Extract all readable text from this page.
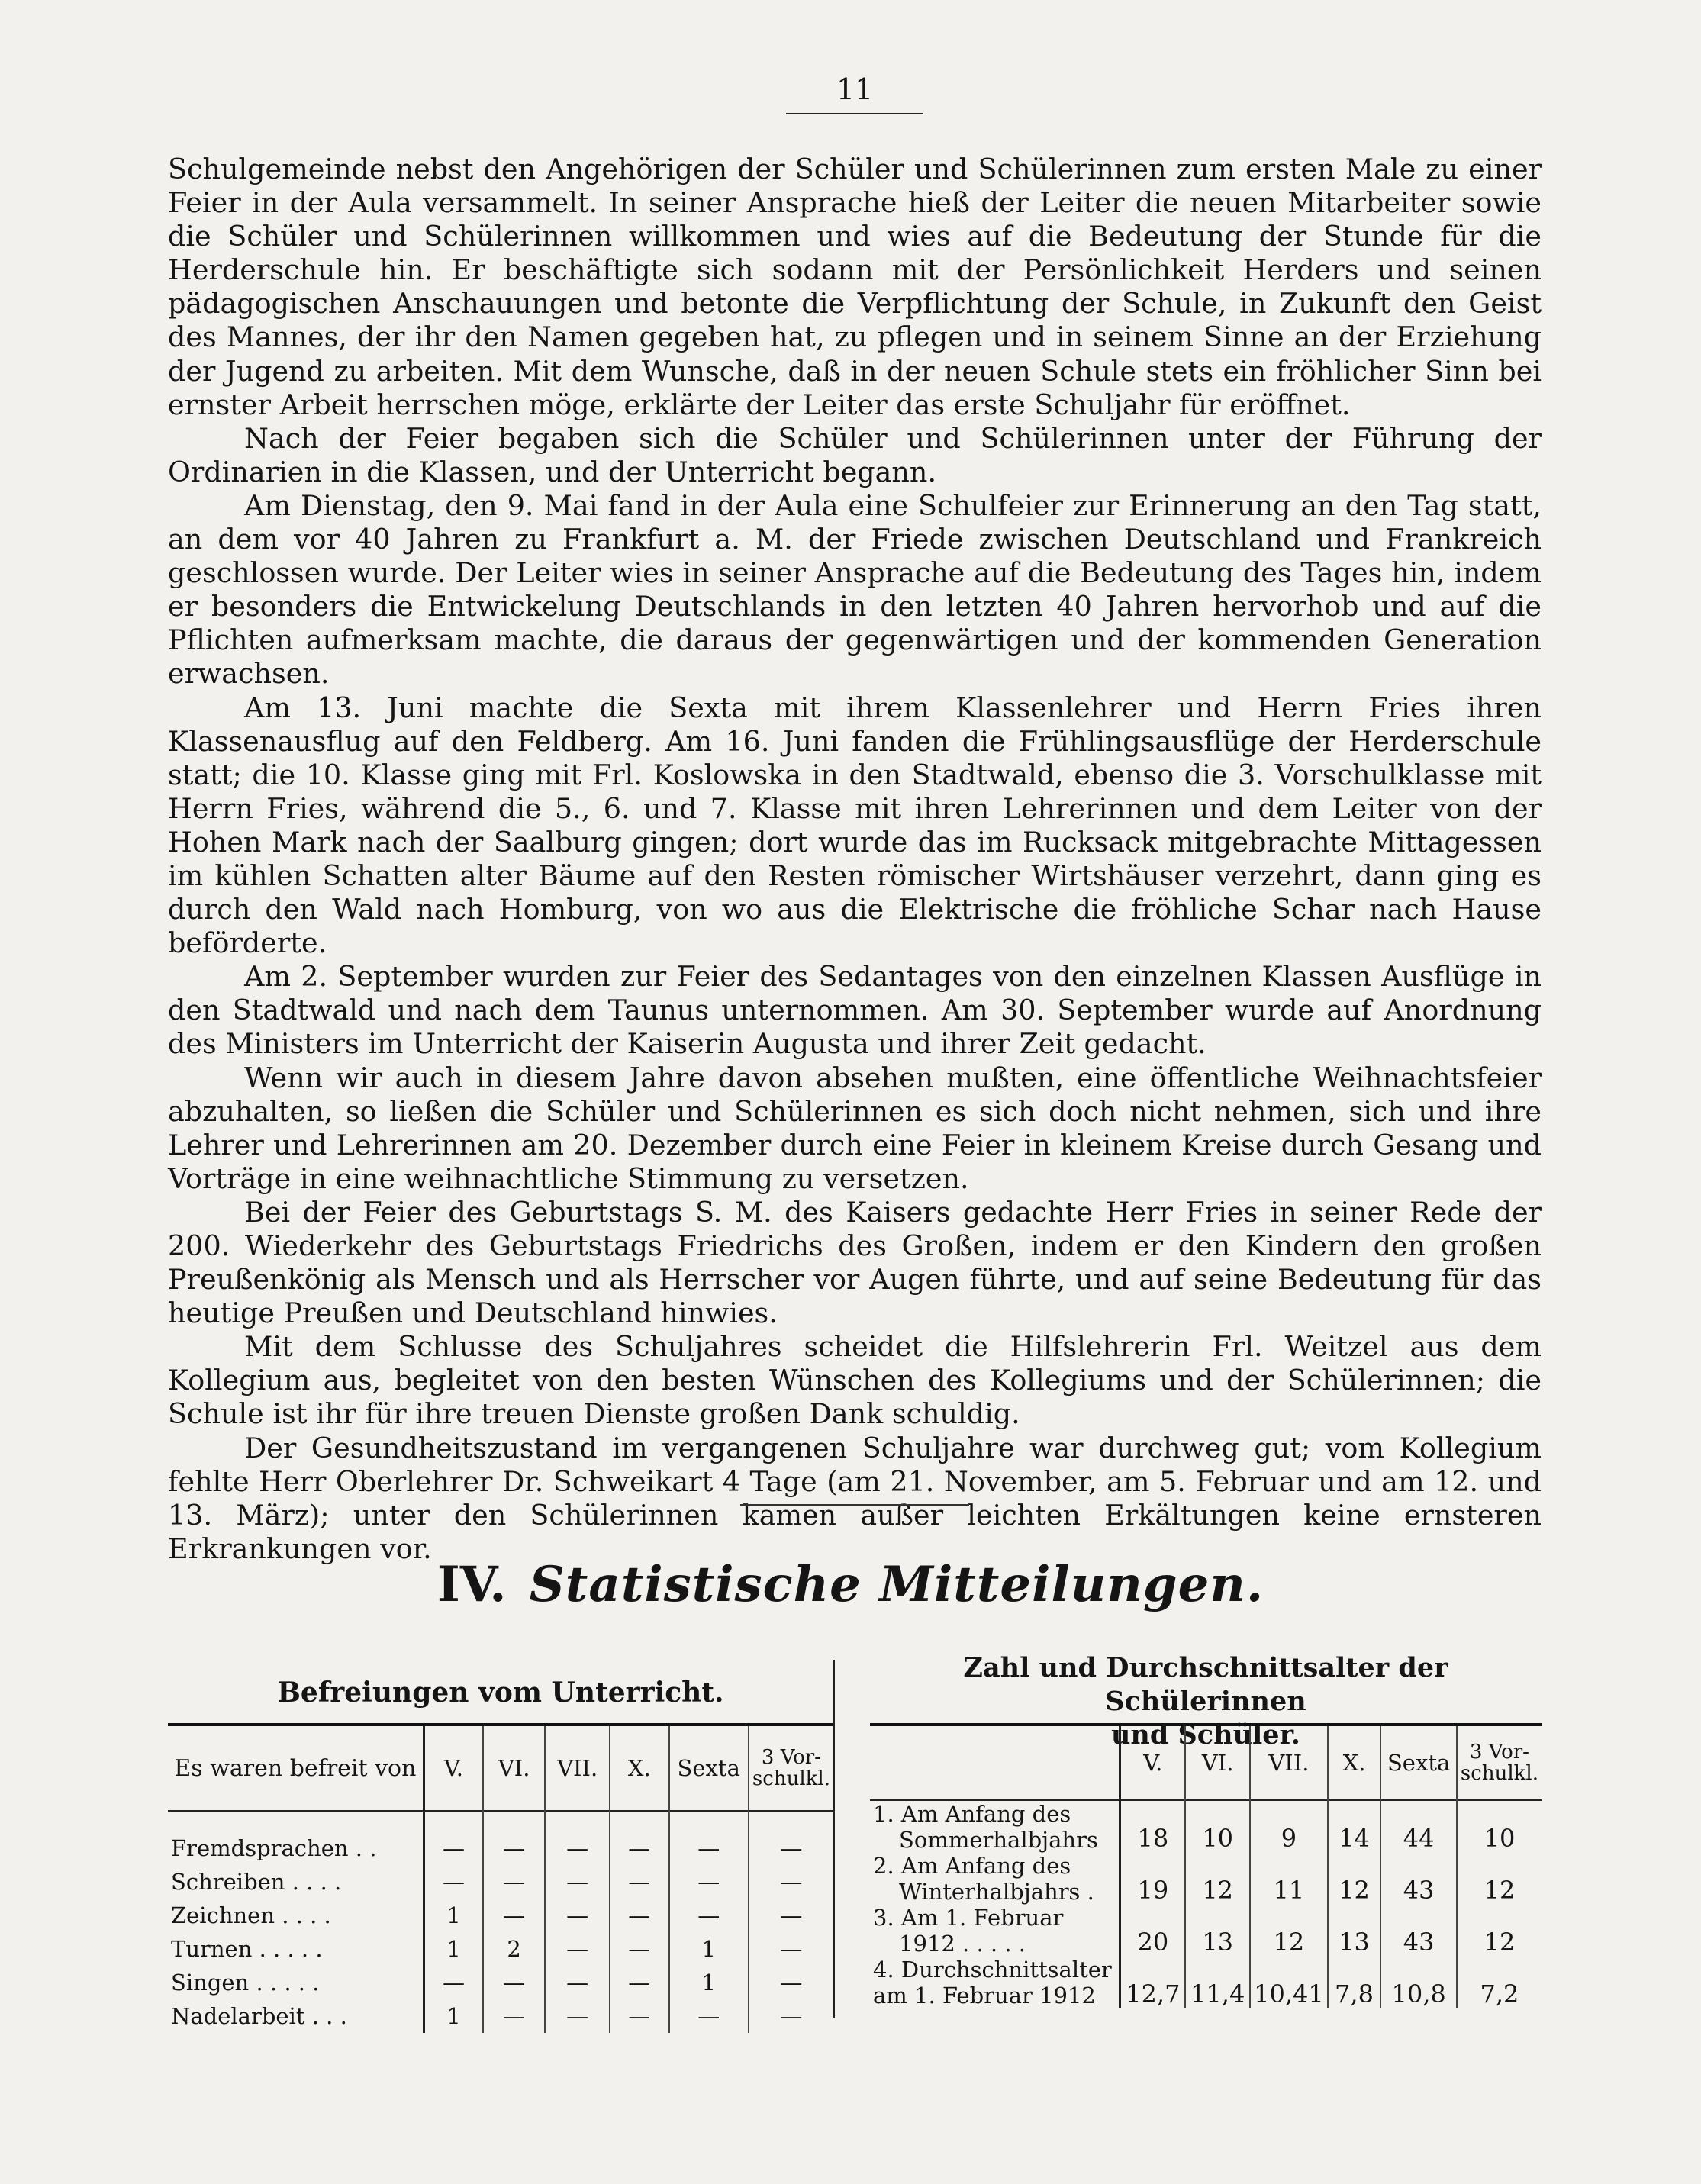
11

Schulgemeinde nebst den Angehörigen der Schüler und Schülerinnen zum ersten Male zu einer Feier in der Aula versammelt. In seiner Ansprache hieß der Leiter die neuen Mitarbeiter sowie die Schüler und Schülerinnen willkommen und wies auf die Bedeutung der Stunde für die Herderschule hin. Er beschäftigte sich sodann mit der Persönlichkeit Herders und seinen pädagogischen Anschauungen und betonte die Verpflichtung der Schule, in Zukunft den Geist des Mannes, der ihr den Namen gegeben hat, zu pflegen und in seinem Sinne an der Erziehung der Jugend zu arbeiten. Mit dem Wunsche, daß in der neuen Schule stets ein fröhlicher Sinn bei ernster Arbeit herrschen möge, erklärte der Leiter das erste Schuljahr für eröffnet.

Nach der Feier begaben sich die Schüler und Schülerinnen unter der Führung der Ordinarien in die Klassen, und der Unterricht begann.

Am Dienstag, den 9. Mai fand in der Aula eine Schulfeier zur Erinnerung an den Tag statt, an dem vor 40 Jahren zu Frankfurt a. M. der Friede zwischen Deutschland und Frankreich geschlossen wurde. Der Leiter wies in seiner Ansprache auf die Bedeutung des Tages hin, indem er besonders die Entwickelung Deutschlands in den letzten 40 Jahren hervorhob und auf die Pflichten aufmerksam machte, die daraus der gegenwärtigen und der kommenden Generation erwachsen.

Am 13. Juni machte die Sexta mit ihrem Klassenlehrer und Herrn Fries ihren Klassenausflug auf den Feldberg. Am 16. Juni fanden die Frühlingsausflüge der Herderschule statt; die 10. Klasse ging mit Frl. Koslowska in den Stadtwald, ebenso die 3. Vorschulklasse mit Herrn Fries, während die 5., 6. und 7. Klasse mit ihren Lehrerinnen und dem Leiter von der Hohen Mark nach der Saalburg gingen; dort wurde das im Rucksack mitgebrachte Mittagessen im kühlen Schatten alter Bäume auf den Resten römischer Wirtshäuser verzehrt, dann ging es durch den Wald nach Homburg, von wo aus die Elektrische die fröhliche Schar nach Hause beförderte.

Am 2. September wurden zur Feier des Sedantages von den einzelnen Klassen Ausflüge in den Stadtwald und nach dem Taunus unternommen. Am 30. September wurde auf Anordnung des Ministers im Unterricht der Kaiserin Augusta und ihrer Zeit gedacht.

Wenn wir auch in diesem Jahre davon absehen mußten, eine öffentliche Weihnachtsfeier abzuhalten, so ließen die Schüler und Schülerinnen es sich doch nicht nehmen, sich und ihre Lehrer und Lehrerinnen am 20. Dezember durch eine Feier in kleinem Kreise durch Gesang und Vorträge in eine weihnachtliche Stimmung zu versetzen.

Bei der Feier des Geburtstags S. M. des Kaisers gedachte Herr Fries in seiner Rede der 200. Wiederkehr des Geburtstags Friedrichs des Großen, indem er den Kindern den großen Preußenkönig als Mensch und als Herrscher vor Augen führte, und auf seine Bedeutung für das heutige Preußen und Deutschland hinwies.

Mit dem Schlusse des Schuljahres scheidet die Hilfslehrerin Frl. Weitzel aus dem Kollegium aus, begleitet von den besten Wünschen des Kollegiums und der Schülerinnen; die Schule ist ihr für ihre treuen Dienste großen Dank schuldig.

Der Gesundheitszustand im vergangenen Schuljahre war durchweg gut; vom Kollegium fehlte Herr Oberlehrer Dr. Schweikart 4 Tage (am 21. November, am 5. Februar und am 12. und 13. März); unter den Schülerinnen kamen außer leichten Erkältungen keine ernsteren Erkrankungen vor.

IV. Statistische Mitteilungen.
Befreiungen vom Unterricht.
Es waren befreit von	V.	VI.	VII.	X.	Sexta	3 Vor- schulkl.

Fremdsprachen . .	—	—	—	—	—	—
Schreiben . . . .	—	—	—	—	—	—
Zeichnen . . . .	1	—	—	—	—	—
Turnen . . . . .	1	2	—	—	1	—
Singen . . . . .	—	—	—	—	1	—
Nadelarbeit . . .	1	—	—	—	—	—
Zahl und Durchschnittsalter der Schülerinnen
und Schüler.
	V.	VI.	VII.	X.	Sexta	3 Vor- schulkl.

1. Am Anfang des
Sommerhalbjahrs	18	10	9	14	44	10

2. Am Anfang des
Winterhalbjahrs .	19	12	11	12	43	12

3. Am 1. Februar
1912 . . . . .	20	13	12	13	43	12

4. Durchschnittsalter
am 1. Februar 1912	12,7	11,4	10,41	7,8	10,8	7,2
